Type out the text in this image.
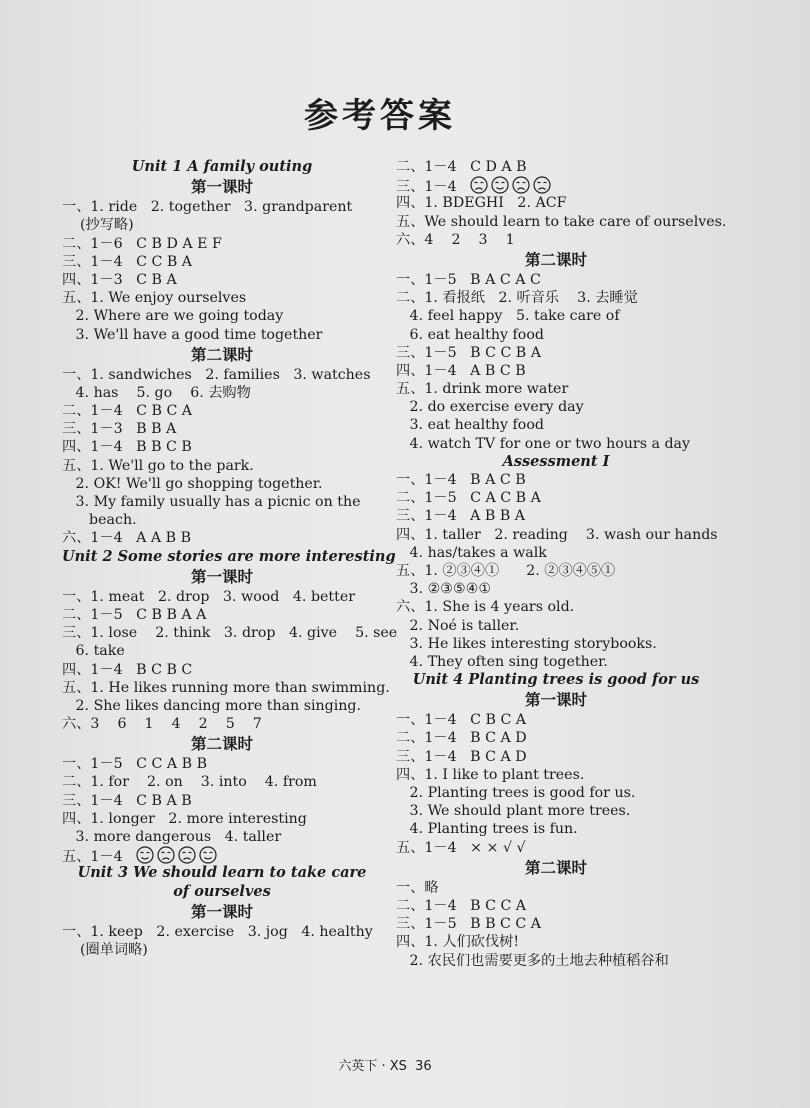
参考答案
Unit 1 A family outing
第一课时
一、1. ride   2. together   3. grandparent
(抄写略)
二、1－6   C B D A E F
三、1－4   C C B A
四、1－3   C B A
五、1. We enjoy ourselves
2. Where are we going today
3. We'll have a good time together
第二课时
一、1. sandwiches   2. families   3. watches
4. has    5. go    6. 去购物
二、1－4   C B C A
三、1－3   B B A
四、1－4   B B C B
五、1. We'll go to the park.
2. OK! We'll go shopping together.
3. My family usually has a picnic on the
beach.
六、1－4   A A B B
Unit 2 Some stories are more interesting
第一课时
一、1. meat   2. drop   3. wood   4. better
二、1－5   C B B A A
三、1. lose    2. think   3. drop   4. give    5. see
6. take
四、1－4   B C B C
五、1. He likes running more than swimming.
2. She likes dancing more than singing.
六、3    6    1    4    2    5    7
第二课时
一、1－5   C C A B B
二、1. for    2. on    3. into    4. from
三、1－4   C B A B
四、1. longer   2. more interesting
3. more dangerous   4. taller
五、1－4
Unit 3 We should learn to take care
of ourselves
第一课时
一、1. keep   2. exercise   3. jog   4. healthy
(圈单词略)
二、1－4   C D A B
三、1－4
四、1. BDEGHI   2. ACF
五、We should learn to take care of ourselves.
六、4    2    3    1
第二课时
一、1－5   B A C A C
二、1. 看报纸   2. 听音乐    3. 去睡觉
4. feel happy   5. take care of
6. eat healthy food
三、1－5   B C C B A
四、1－4   A B C B
五、1. drink more water
2. do exercise every day
3. eat healthy food
4. watch TV for one or two hours a day
Assessment Ⅰ
一、1－4   B A C B
二、1－5   C A C B A
三、1－4   A B B A
四、1. taller   2. reading    3. wash our hands
4. has/takes a walk
五、1. ②③④①      2. ②③④⑤①
3. ②③⑤④①
六、1. She is 4 years old.
2. Noé is taller.
3. He likes interesting storybooks.
4. They often sing together.
Unit 4 Planting trees is good for us
第一课时
一、1－4   C B C A
二、1－4   B C A D
三、1－4   B C A D
四、1. I like to plant trees.
2. Planting trees is good for us.
3. We should plant more trees.
4. Planting trees is fun.
五、1－4   × × √ √
第二课时
一、略
二、1－4   B C C A
三、1－5   B B C C A
四、1. 人们砍伐树!
2. 农民们也需要更多的土地去种植稻谷和
六英下 · XS 36
